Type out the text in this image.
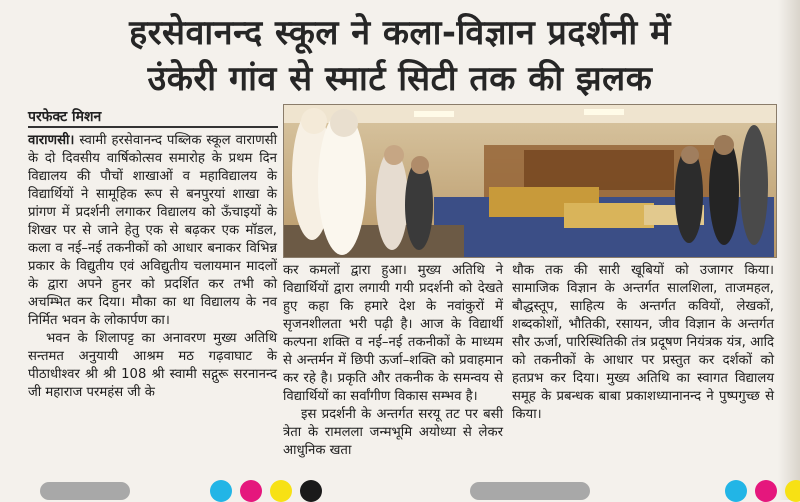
हरसेवानन्द स्कूल ने कला-विज्ञान प्रदर्शनी में
उंकेरी गांव से स्मार्ट सिटी तक की झलक
परफेक्ट मिशन

वाराणसी। स्वामी हरसेवानन्द पब्लिक स्कूल वाराणसी के दो दिवसीय वार्षिकोत्सव समारोह के प्रथम दिन विद्यालय की पौचों शाखाओं व महाविद्यालय के विद्यार्थियों ने सामूहिक रूप से बनपुरयां शाखा के प्रांगण में प्रदर्शनी लगाकर विद्यालय को ऊँचाइयों के शिखर पर से जाने हेतु एक से बढ़कर एक मॉडल, कला व नई–नई तकनीकों को आधार बनाकर विभिन्न प्रकार के विद्युतीय एवं अविद्युतीय चलायमान मादलों के द्वारा अपने हुनर को प्रदर्शित कर तभी को अचम्भित कर दिया। मौका का था विद्यालय के नव निर्मित भवन के लोकार्पण का।

भवन के शिलापट्ट का अनावरण मुख्य अतिथि सन्तमत अनुयायी आश्रम मठ गढ़वाघाट के पीठाधीश्वर श्री श्री 108 श्री स्वामी सद्गुरू सरनानन्द जी महाराज परमहंस जी के

कर कमलों द्वारा हुआ। मुख्य अतिथि ने विद्यार्थियों द्वारा लगायी गयी प्रदर्शनी को देखते हुए कहा कि हमारे देश के नवांकुरों में सृजनशीलता भरी पढ़ी है। आज के विद्यार्थी कल्पना शक्ति व नई–नई तकनीकों के माध्यम से अन्तर्मन में छिपी ऊर्जा–शक्ति को प्रवाहमान कर रहे है। प्रकृति और तकनीक के समन्वय से विद्यार्थियों का सर्वांगीण विकास सम्भव है।

इस प्रदर्शनी के अन्तर्गत सरयू तट पर बसी त्रेता के रामलला जन्मभूमि अयोध्या से लेकर आधुनिक खता

थौक तक की सारी खूबियों को उजागर किया। सामाजिक विज्ञान के अन्तर्गत सालशिला, ताजमहल, बौद्धस्तूप, साहित्य के अन्तर्गत कवियों, लेखकों, शब्दकोशों, भौतिकी, रसायन, जीव विज्ञान के अन्तर्गत सौर ऊर्जा, पारिस्थितिकी तंत्र प्रदूषण नियंत्रक यंत्र, आदि को तकनीकों के आधार पर प्रस्तुत कर दर्शकों को हतप्रभ कर दिया। मुख्य अतिथि का स्वागत विद्यालय समूह के प्रबन्धक बाबा प्रकाशध्यानानन्द ने पुष्पगुच्छ से किया।
